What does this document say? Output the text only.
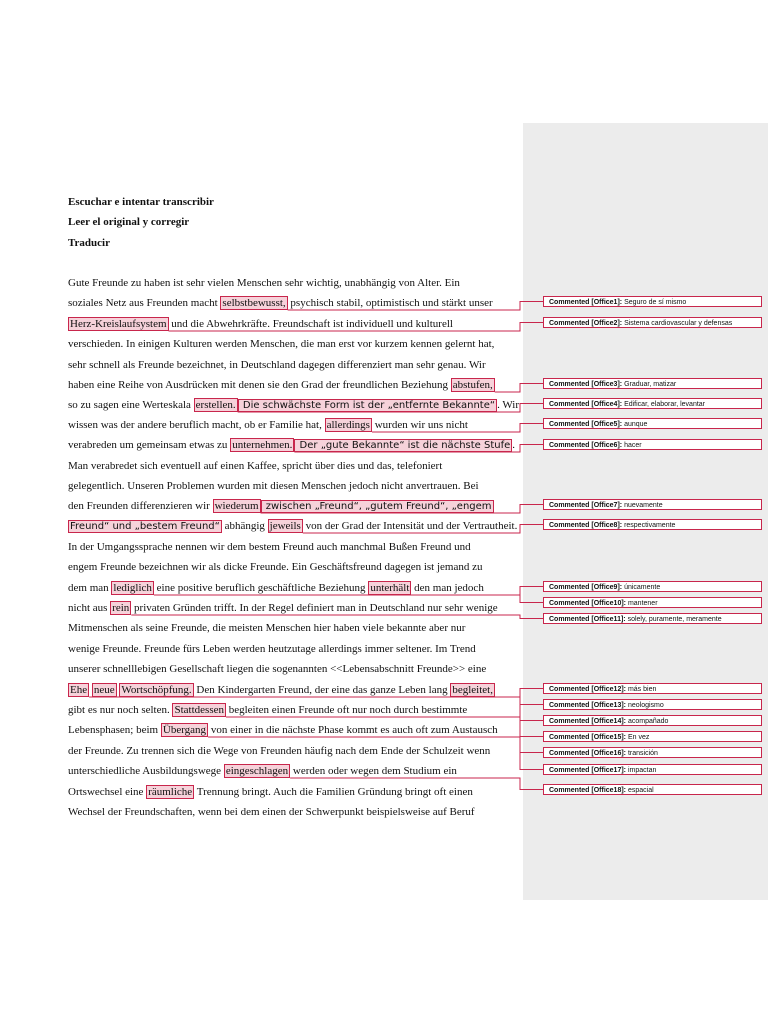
Escuchar e intentar transcribir
Leer el original y corregir
Traducir
Gute Freunde zu haben ist sehr vielen Menschen sehr wichtig, unabhängig von Alter. Ein
soziales Netz aus Freunden macht selbstbewusst, psychisch stabil, optimistisch und stärkt unser
Herz-Kreislaufsystem und die Abwehrkräfte. Freundschaft ist individuell und kulturell
verschieden. In einigen Kulturen werden Menschen, die man erst vor kurzem kennen gelernt hat,
sehr schnell als Freunde bezeichnet, in Deutschland dagegen differenziert man sehr genau. Wir
haben eine Reihe von Ausdrücken mit denen sie den Grad der freundlichen Beziehung abstufen,
so zu sagen eine Werteskala erstellen. Die schwächste Form ist der „entfernte Bekannte“ . Wir
wissen was der andere beruflich macht, ob er Familie hat, allerdings wurden wir uns nicht
verabreden um gemeinsam etwas zu unternehmen. Der „gute Bekannte“ ist die nächste Stufe .
Man verabredet sich eventuell auf einen Kaffee, spricht über dies und das, telefoniert
gelegentlich. Unseren Problemen wurden mit diesen Menschen jedoch nicht anvertrauen. Bei
den Freunden differenzieren wir wiederum zwischen „Freund“, „gutem Freund“, „engem
Freund“ und „bestem Freund“ abhängig jeweils von der Grad der Intensität und der Vertrautheit.
In der Umgangssprache nennen wir dem bestem Freund auch manchmal Bußen Freund und
engem Freunde bezeichnen wir als dicke Freunde. Ein Geschäftsfreund dagegen ist jemand zu
dem man lediglich eine positive beruflich geschäftliche Beziehung unterhält den man jedoch
nicht aus rein privaten Gründen trifft. In der Regel definiert man in Deutschland nur sehr wenige
Mitmenschen als seine Freunde, die meisten Menschen hier haben viele bekannte aber nur
wenige Freunde. Freunde fürs Leben werden heutzutage allerdings immer seltener. Im Trend
unserer schnelllebigen Gesellschaft liegen die sogenannten <<Lebensabschnitt Freunde>> eine
Ehe neue Wortschöpfung. Den Kindergarten Freund, der eine das ganze Leben lang begleitet,
gibt es nur noch selten. Stattdessen begleiten einen Freunde oft nur noch durch bestimmte
Lebensphasen; beim Übergang von einer in die nächste Phase kommt es auch oft zum Austausch
der Freunde. Zu trennen sich die Wege von Freunden häufig nach dem Ende der Schulzeit wenn
unterschiedliche Ausbildungswege eingeschlagen werden oder wegen dem Studium ein
Ortswechsel eine räumliche Trennung bringt. Auch die Familien Gründung bringt oft einen
Wechsel der Freundschaften, wenn bei dem einen der Schwerpunkt beispielsweise auf Beruf
Commented [Office1]: Seguro de sí mismo
Commented [Office2]: Sistema cardiovascular y defensas
Commented [Office3]: Graduar, matizar
Commented [Office4]: Edificar, elaborar, levantar
Commented [Office5]: aunque
Commented [Office6]: hacer
Commented [Office7]: nuevamente
Commented [Office8]: respectivamente
Commented [Office9]: únicamente
Commented [Office10]: mantener
Commented [Office11]: solely, puramente, meramente
Commented [Office12]: más bien
Commented [Office13]: neologismo
Commented [Office14]: acompañado
Commented [Office15]: En vez
Commented [Office16]: transición
Commented [Office17]: impactan
Commented [Office18]: espacial
